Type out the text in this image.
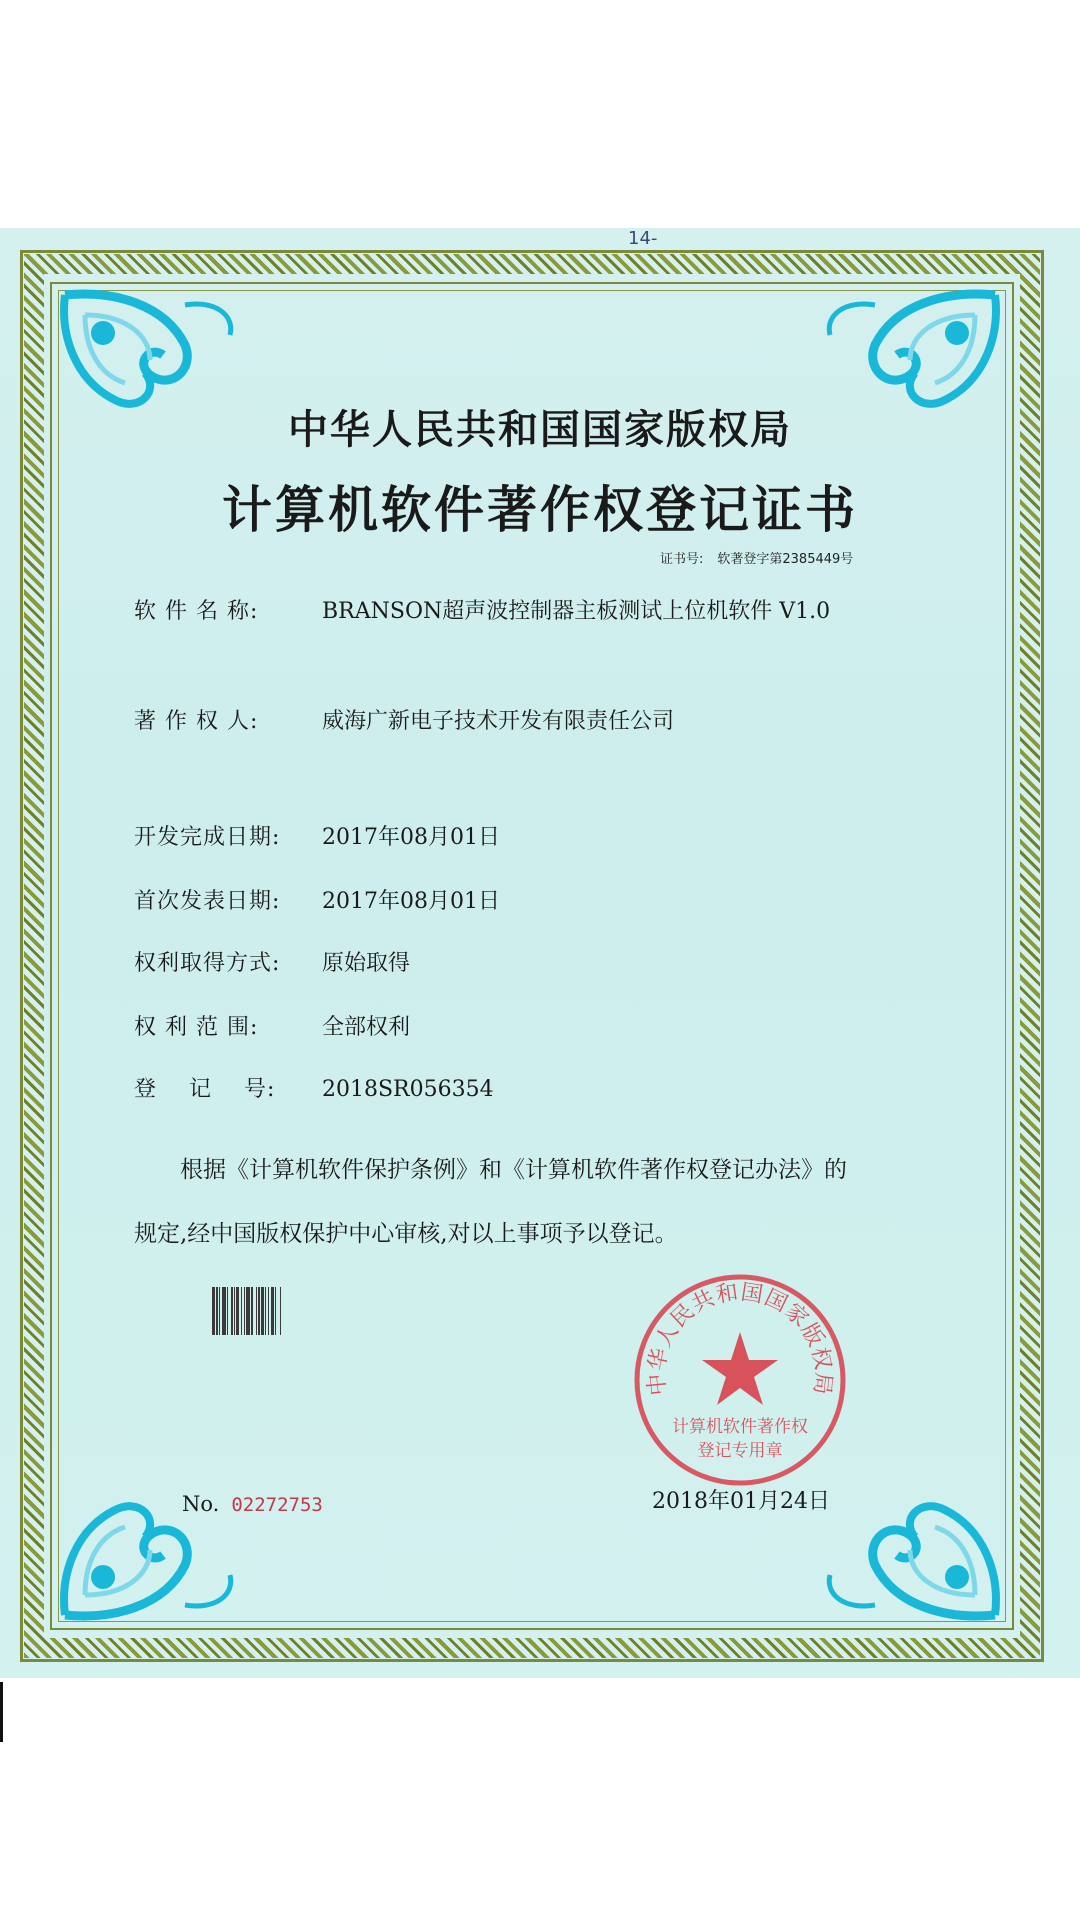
14-
中华人民共和国国家版权局
计算机软件著作权登记证书
证书号: 软著登字第2385449号
软 件 名 称:	BRANSON超声波控制器主板测试上位机软件 V1.0
著 作 权 人:	威海广新电子技术开发有限责任公司
开发完成日期: 2017年08月01日
首次发表日期: 2017年08月01日
权利取得方式: 原始取得
权 利 范 围:	全部权利
登    记    号: 2018SR056354
根据《计算机软件保护条例》和《计算机软件著作权登记办法》的
规定,经中国版权保护中心审核,对以上事项予以登记。
中华人民共和国国家版权局
计算机软件著作权
登记专用章
No. 02272753	2018年01月24日
